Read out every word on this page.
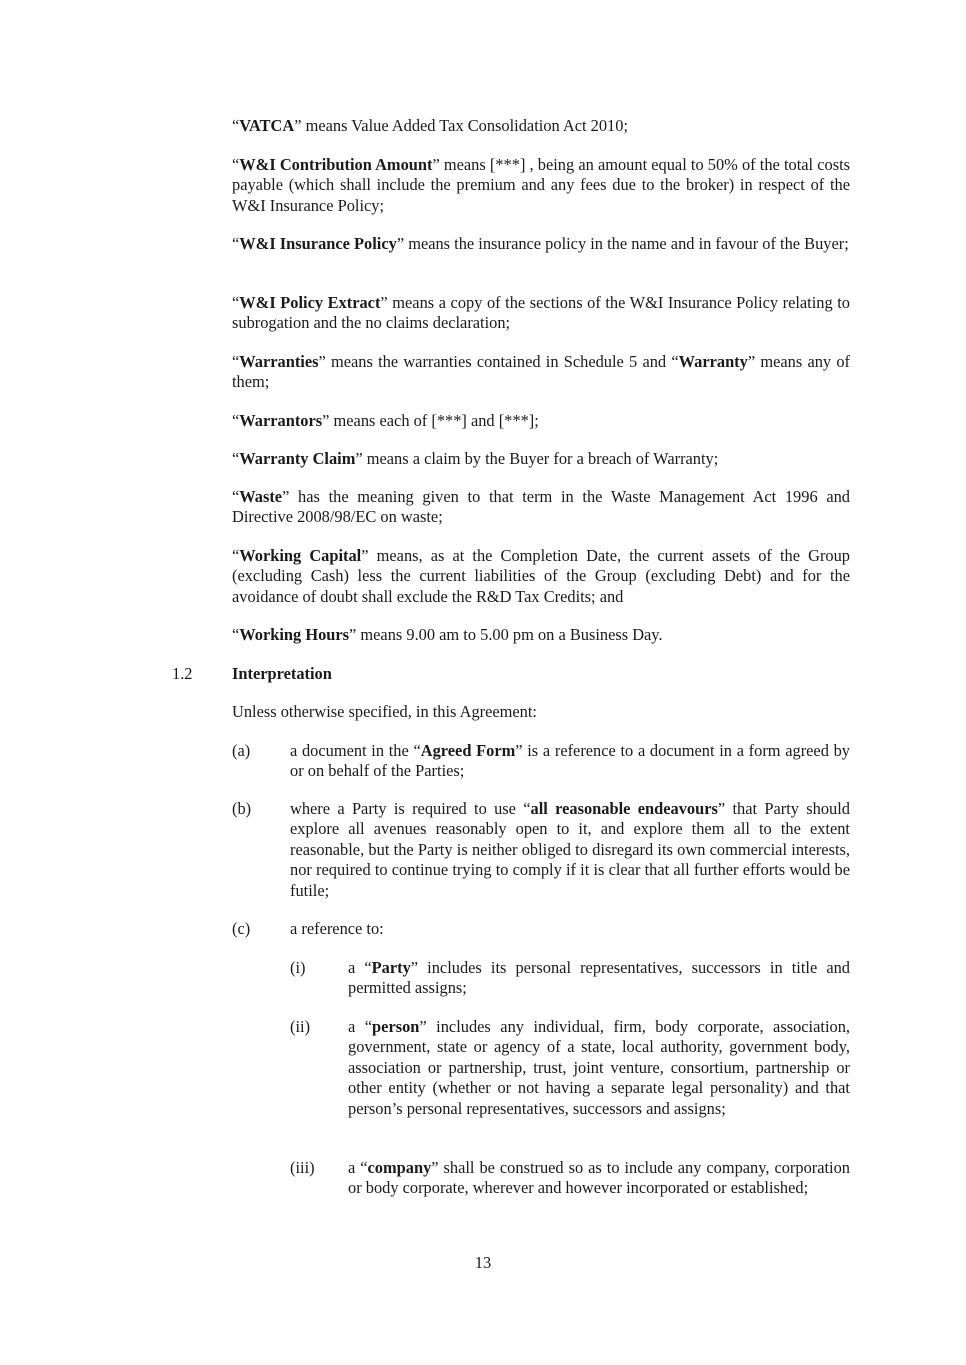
“VATCA” means Value Added Tax Consolidation Act 2010;

“W&I Contribution Amount” means [***] , being an amount equal to 50% of the total costs payable (which shall include the premium and any fees due to the broker) in respect of the W&I Insurance Policy;

“W&I Insurance Policy” means the insurance policy in the name and in favour of the Buyer;

“W&I Policy Extract” means a copy of the sections of the W&I Insurance Policy relating to subrogation and the no claims declaration;

“Warranties” means the warranties contained in Schedule 5 and “Warranty” means any of them;

“Warrantors” means each of [***] and [***];

“Warranty Claim” means a claim by the Buyer for a breach of Warranty;

“Waste” has the meaning given to that term in the Waste Management Act 1996 and Directive 2008/98/EC on waste;

“Working Capital” means, as at the Completion Date, the current assets of the Group (excluding Cash) less the current liabilities of the Group (excluding Debt) and for the avoidance of doubt shall exclude the R&D Tax Credits; and

“Working Hours” means 9.00 am to 5.00 pm on a Business Day.

1.2 Interpretation

Unless otherwise specified, in this Agreement:

(a) a document in the “Agreed Form” is a reference to a document in a form agreed by or on behalf of the Parties;

(b) where a Party is required to use “all reasonable endeavours” that Party should explore all avenues reasonably open to it, and explore them all to the extent reasonable, but the Party is neither obliged to disregard its own commercial interests, nor required to continue trying to comply if it is clear that all further efforts would be futile;

(c) a reference to:

(i)	a “Party” includes its personal representatives, successors in title and permitted assigns;

(ii) a “person” includes any individual, firm, body corporate, association, government, state or agency of a state, local authority, government body, association or partnership, trust, joint venture, consortium, partnership or other entity (whether or not having a separate legal personality) and that person’s personal representatives, successors and assigns;

(iii) a “company” shall be construed so as to include any company, corporation or body corporate, wherever and however incorporated or established;

13
